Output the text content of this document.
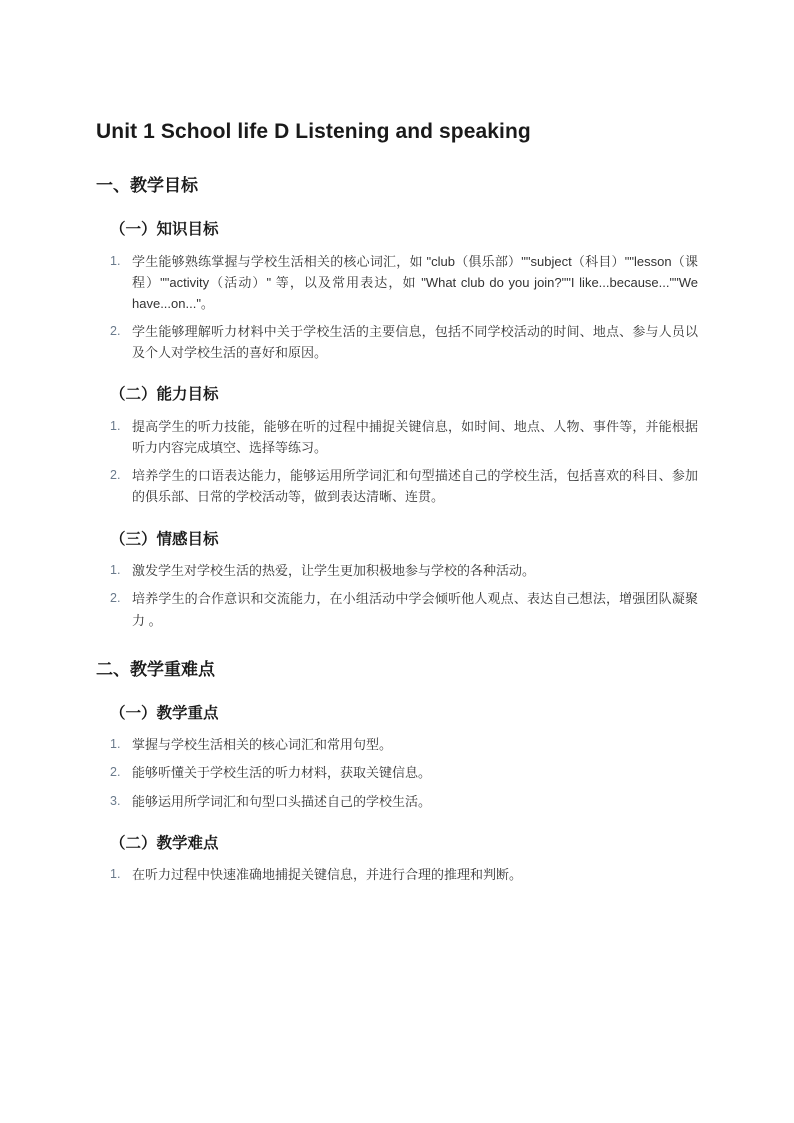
Unit 1 School life D Listening and speaking
一、教学目标
（一）知识目标
学生能够熟练掌握与学校生活相关的核心词汇，如 "club（俱乐部）""subject（科目）""lesson（课程）""activity（活动）" 等，以及常用表达，如 "What club do you join?""I like...because...""We have...on..."。
学生能够理解听力材料中关于学校生活的主要信息，包括不同学校活动的时间、地点、参与人员以及个人对学校生活的喜好和原因。
（二）能力目标
提高学生的听力技能，能够在听的过程中捕捉关键信息，如时间、地点、人物、事件等，并能根据听力内容完成填空、选择等练习。
培养学生的口语表达能力，能够运用所学词汇和句型描述自己的学校生活，包括喜欢的科目、参加的俱乐部、日常的学校活动等，做到表达清晰、连贯。
（三）情感目标
激发学生对学校生活的热爱，让学生更加积极地参与学校的各种活动。
培养学生的合作意识和交流能力，在小组活动中学会倾听他人观点、表达自己想法，增强团队凝聚力 。
二、教学重难点
（一）教学重点
掌握与学校生活相关的核心词汇和常用句型。
能够听懂关于学校生活的听力材料，获取关键信息。
能够运用所学词汇和句型口头描述自己的学校生活。
（二）教学难点
在听力过程中快速准确地捕捉关键信息，并进行合理的推理和判断。
